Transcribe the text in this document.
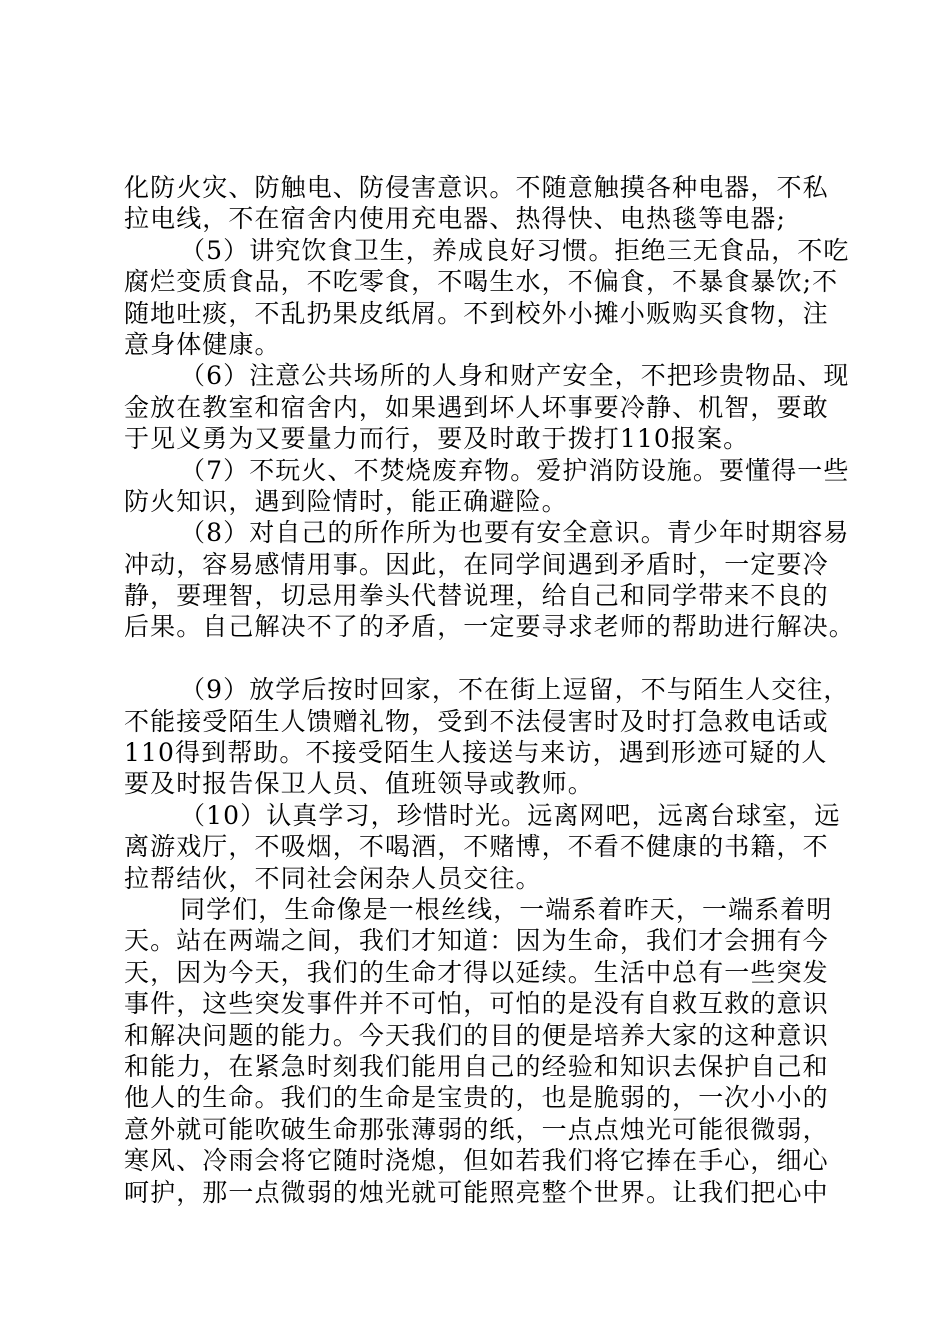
化防火灾、防触电、防侵害意识。不随意触摸各种电器，不私
拉电线，不在宿舍内使用充电器、热得快、电热毯等电器;
（5）讲究饮食卫生，养成良好习惯。拒绝三无食品，不吃
腐烂变质食品，不吃零食，不喝生水，不偏食，不暴食暴饮;不
随地吐痰，不乱扔果皮纸屑。不到校外小摊小贩购买食物，注
意身体健康。
（6）注意公共场所的人身和财产安全，不把珍贵物品、现
金放在教室和宿舍内，如果遇到坏人坏事要冷静、机智，要敢
于见义勇为又要量力而行，要及时敢于拨打110报案。
（7）不玩火、不焚烧废弃物。爱护消防设施。要懂得一些
防火知识，遇到险情时，能正确避险。
（8）对自己的所作所为也要有安全意识。青少年时期容易
冲动，容易感情用事。因此，在同学间遇到矛盾时，一定要冷
静，要理智，切忌用拳头代替说理，给自己和同学带来不良的
后果。自己解决不了的矛盾，一定要寻求老师的帮助进行解决。
（9）放学后按时回家，不在街上逗留，不与陌生人交往，
不能接受陌生人馈赠礼物，受到不法侵害时及时打急救电话或
110得到帮助。不接受陌生人接送与来访，遇到形迹可疑的人
要及时报告保卫人员、值班领导或教师。
（10）认真学习，珍惜时光。远离网吧，远离台球室，远
离游戏厅，不吸烟，不喝酒，不赌博，不看不健康的书籍，不
拉帮结伙，不同社会闲杂人员交往。
同学们，生命像是一根丝线，一端系着昨天，一端系着明
天。站在两端之间，我们才知道：因为生命，我们才会拥有今
天，因为今天，我们的生命才得以延续。生活中总有一些突发
事件，这些突发事件并不可怕，可怕的是没有自救互救的意识
和解决问题的能力。今天我们的目的便是培养大家的这种意识
和能力，在紧急时刻我们能用自己的经验和知识去保护自己和
他人的生命。我们的生命是宝贵的，也是脆弱的，一次小小的
意外就可能吹破生命那张薄弱的纸，一点点烛光可能很微弱，
寒风、冷雨会将它随时浇熄，但如若我们将它捧在手心，细心
呵护，那一点微弱的烛光就可能照亮整个世界。让我们把心中
